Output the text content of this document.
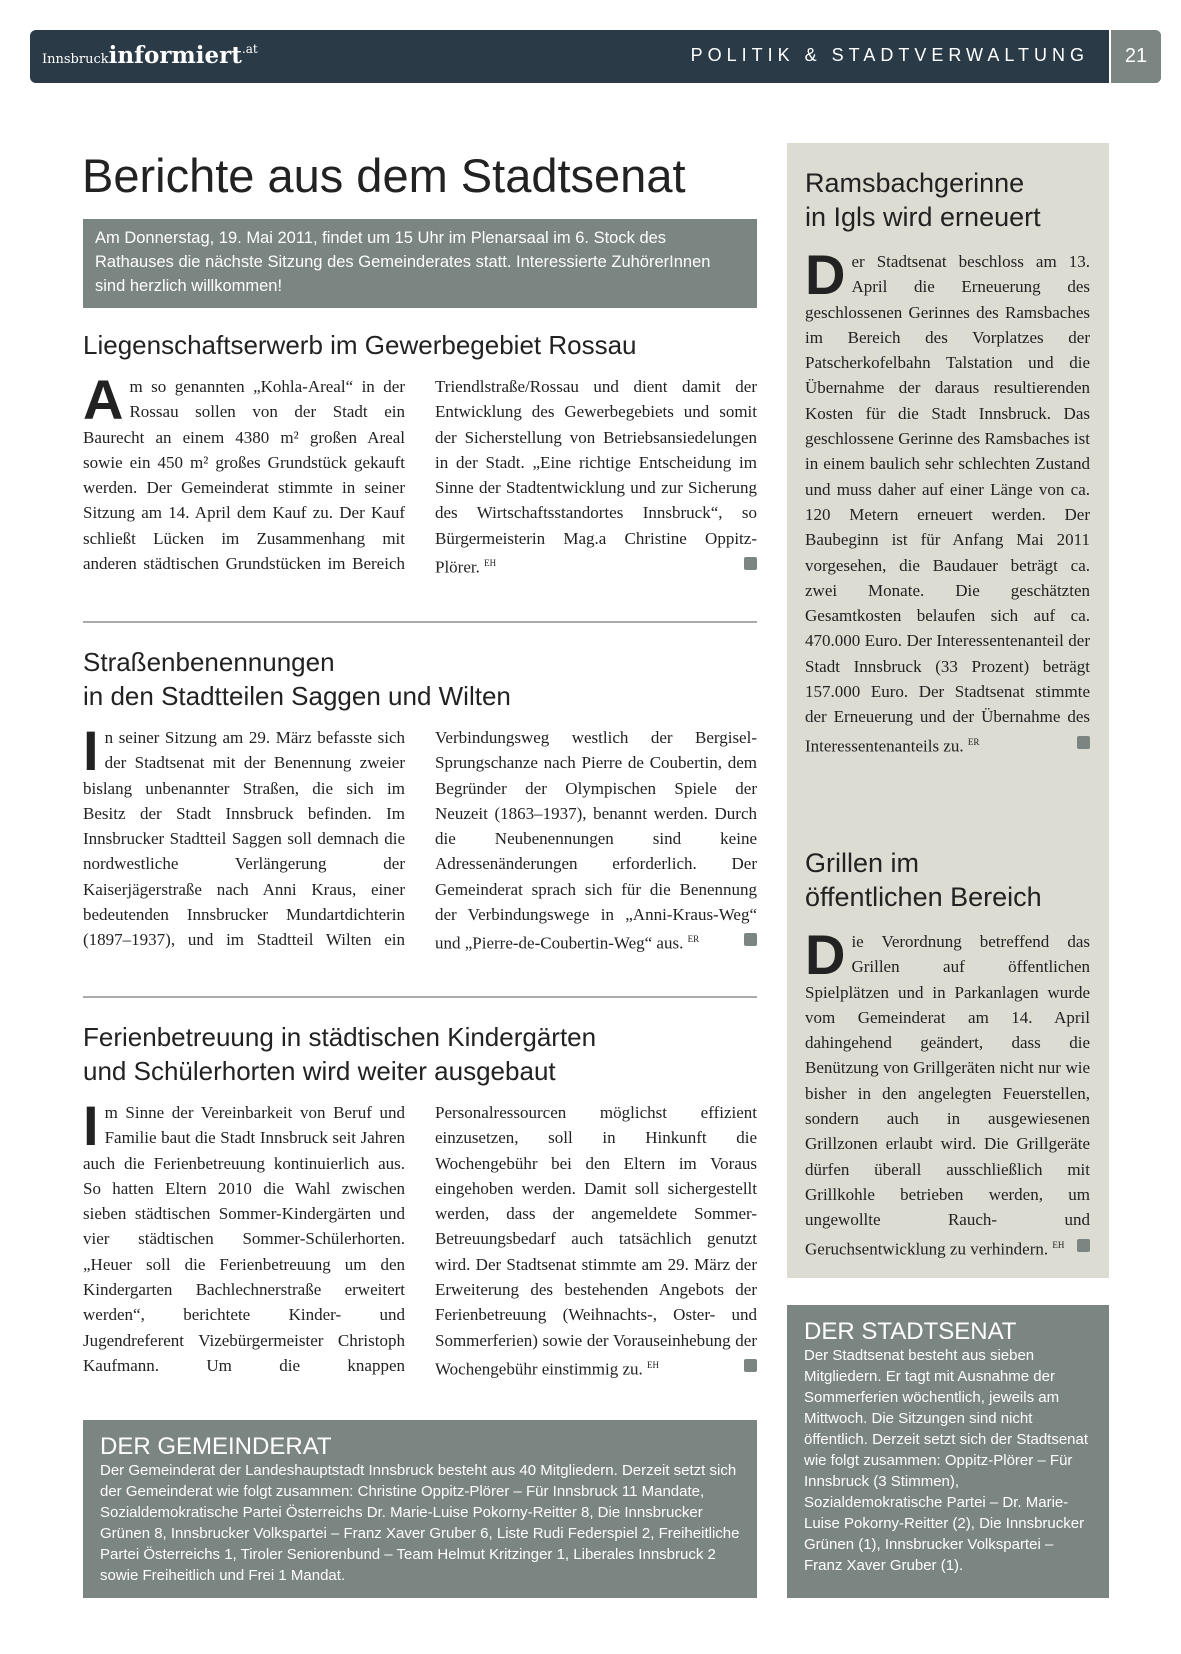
Innsbruckinformiert$^{.at}$	POLITIK & STADTVERWALTUNG	21
Berichte aus dem Stadtsenat
Am Donnerstag, 19. Mai 2011, findet um 15 Uhr im Plenarsaal im 6. Stock des Rathauses die nächste Sitzung des Gemeinderates statt. Interessierte ZuhörerInnen sind herzlich willkommen!
Liegenschaftserwerb im Gewerbegebiet Rossau
Am so genannten „Kohla-Areal“ in der Rossau sollen von der Stadt ein Baurecht an einem 4380 m² großen Areal sowie ein 450 m² großes Grundstück gekauft werden. Der Gemeinderat stimmte in seiner Sitzung am 14. April dem Kauf zu. Der Kauf schließt Lücken im Zusammenhang mit anderen städtischen Grundstücken im Bereich Triendlstraße/Rossau und dient damit der Entwicklung des Gewerbegebiets und somit der Sicherstellung von Betriebsansiedelungen in der Stadt. „Eine richtige Entscheidung im Sinne der Stadtentwicklung und zur Sicherung des Wirtschaftsstandortes Innsbruck“, so Bürgermeisterin Mag.a Christine Oppitz-Plörer. $^{EH}$
Straßenbenennungen
in den Stadtteilen Saggen und Wilten
In seiner Sitzung am 29. März befasste sich der Stadtsenat mit der Benennung zweier bislang unbenannter Straßen, die sich im Besitz der Stadt Innsbruck befinden. Im Innsbrucker Stadtteil Saggen soll demnach die nordwestliche Verlängerung der Kaiserjägerstraße nach Anni Kraus, einer bedeutenden Innsbrucker Mundartdichterin (1897–1937), und im Stadtteil Wilten ein Verbindungsweg westlich der Bergisel-Sprungschanze nach Pierre de Coubertin, dem Begründer der Olympischen Spiele der Neuzeit (1863–1937), benannt werden. Durch die Neubenennungen sind keine Adressenänderungen erforderlich. Der Gemeinderat sprach sich für die Benennung der Verbindungswege in „Anni-Kraus-Weg“ und „Pierre-de-Coubertin-Weg“ aus. $^{ER}$
Ferienbetreuung in städtischen Kindergärten
und Schülerhorten wird weiter ausgebaut
Im Sinne der Vereinbarkeit von Beruf und Familie baut die Stadt Innsbruck seit Jahren auch die Ferienbetreuung kontinuierlich aus. So hatten Eltern 2010 die Wahl zwischen sieben städtischen Sommer-Kindergärten und vier städtischen Sommer-Schülerhorten. „Heuer soll die Ferienbetreuung um den Kindergarten Bachlechnerstraße erweitert werden“, berichtete Kinder- und Jugendreferent Vizebürgermeister Christoph Kaufmann. Um die knappen Personalressourcen möglichst effizient einzusetzen, soll in Hinkunft die Wochengebühr bei den Eltern im Voraus eingehoben werden. Damit soll sichergestellt werden, dass der angemeldete Sommer-Betreuungsbedarf auch tatsächlich genutzt wird. Der Stadtsenat stimmte am 29. März der Erweiterung des bestehenden Angebots der Ferienbetreuung (Weihnachts-, Oster- und Sommerferien) sowie der Vorauseinhebung der Wochengebühr einstimmig zu. $^{EH}$
DER GEMEINDERAT
Der Gemeinderat der Landeshauptstadt Innsbruck besteht aus 40 Mitgliedern. Derzeit setzt sich der Gemeinderat wie folgt zusammen: Christine Oppitz-Plörer – Für Innsbruck 11 Mandate, Sozialdemokratische Partei Österreichs Dr. Marie-Luise Pokorny-Reitter 8, Die Innsbrucker Grünen 8, Innsbrucker Volkspartei – Franz Xaver Gruber 6, Liste Rudi Federspiel 2, Freiheitliche Partei Österreichs 1, Tiroler Seniorenbund – Team Helmut Kritzinger 1, Liberales Innsbruck 2 sowie Freiheitlich und Frei 1 Mandat.
Ramsbachgerinne
in Igls wird erneuert
Der Stadtsenat beschloss am 13. April die Erneuerung des geschlossenen Gerinnes des Ramsbaches im Bereich des Vorplatzes der Patscherkofelbahn Talstation und die Übernahme der daraus resultierenden Kosten für die Stadt Innsbruck. Das geschlossene Gerinne des Ramsbaches ist in einem baulich sehr schlechten Zustand und muss daher auf einer Länge von ca. 120 Metern erneuert werden. Der Baubeginn ist für Anfang Mai 2011 vorgesehen, die Baudauer beträgt ca. zwei Monate. Die geschätzten Gesamtkosten belaufen sich auf ca. 470.000 Euro. Der Interessentenanteil der Stadt Innsbruck (33 Prozent) beträgt 157.000 Euro. Der Stadtsenat stimmte der Erneuerung und der Übernahme des Interessentenanteils zu. $^{ER}$
Grillen im
öffentlichen Bereich
Die Verordnung betreffend das Grillen auf öffentlichen Spielplätzen und in Parkanlagen wurde vom Gemeinderat am 14. April dahingehend geändert, dass die Benützung von Grillgeräten nicht nur wie bisher in den angelegten Feuerstellen, sondern auch in ausgewiesenen Grillzonen erlaubt wird. Die Grillgeräte dürfen überall ausschließlich mit Grillkohle betrieben werden, um ungewollte Rauch- und Geruchsentwicklung zu verhindern. $^{EH}$
DER STADTSENAT
Der Stadtsenat besteht aus sieben Mitgliedern. Er tagt mit Ausnahme der Sommerferien wöchentlich, jeweils am Mittwoch. Die Sitzungen sind nicht öffentlich. Derzeit setzt sich der Stadtsenat wie folgt zusammen: Oppitz-Plörer – Für Innsbruck (3 Stimmen), Sozialdemokratische Partei – Dr. Marie-Luise Pokorny-Reitter (2), Die Innsbrucker Grünen (1), Innsbrucker Volkspartei – Franz Xaver Gruber (1).
